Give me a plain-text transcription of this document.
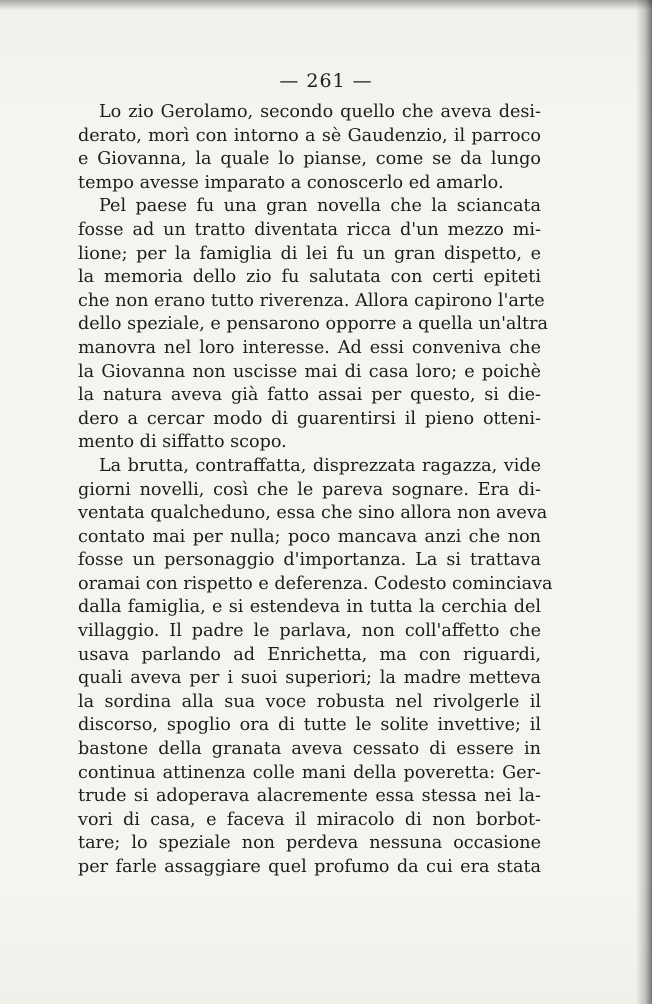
— 261 —
Lo zio Gerolamo, secondo quello che aveva desi-
derato, morì con intorno a sè Gaudenzio, il parroco
e Giovanna, la quale lo pianse, come se da lungo
tempo avesse imparato a conoscerlo ed amarlo.
Pel paese fu una gran novella che la sciancata
fosse ad un tratto diventata ricca d'un mezzo mi-
lione; per la famiglia di lei fu un gran dispetto, e
la memoria dello zio fu salutata con certi epiteti
che non erano tutto riverenza. Allora capirono l'arte
dello speziale, e pensarono opporre a quella un'altra
manovra nel loro interesse. Ad essi conveniva che
la Giovanna non uscisse mai di casa loro; e poichè
la natura aveva già fatto assai per questo, si die-
dero a cercar modo di guarentirsi il pieno otteni-
mento di siffatto scopo.
La brutta, contraffatta, disprezzata ragazza, vide
giorni novelli, così che le pareva sognare. Era di-
ventata qualcheduno, essa che sino allora non aveva
contato mai per nulla; poco mancava anzi che non
fosse un personaggio d'importanza. La si trattava
oramai con rispetto e deferenza. Codesto cominciava
dalla famiglia, e si estendeva in tutta la cerchia del
villaggio. Il padre le parlava, non coll'affetto che
usava parlando ad Enrichetta, ma con riguardi,
quali aveva per i suoi superiori; la madre metteva
la sordina alla sua voce robusta nel rivolgerle il
discorso, spoglio ora di tutte le solite invettive; il
bastone della granata aveva cessato di essere in
continua attinenza colle mani della poveretta: Ger-
trude si adoperava alacremente essa stessa nei la-
vori di casa, e faceva il miracolo di non borbot-
tare; lo speziale non perdeva nessuna occasione
per farle assaggiare quel profumo da cui era stata
